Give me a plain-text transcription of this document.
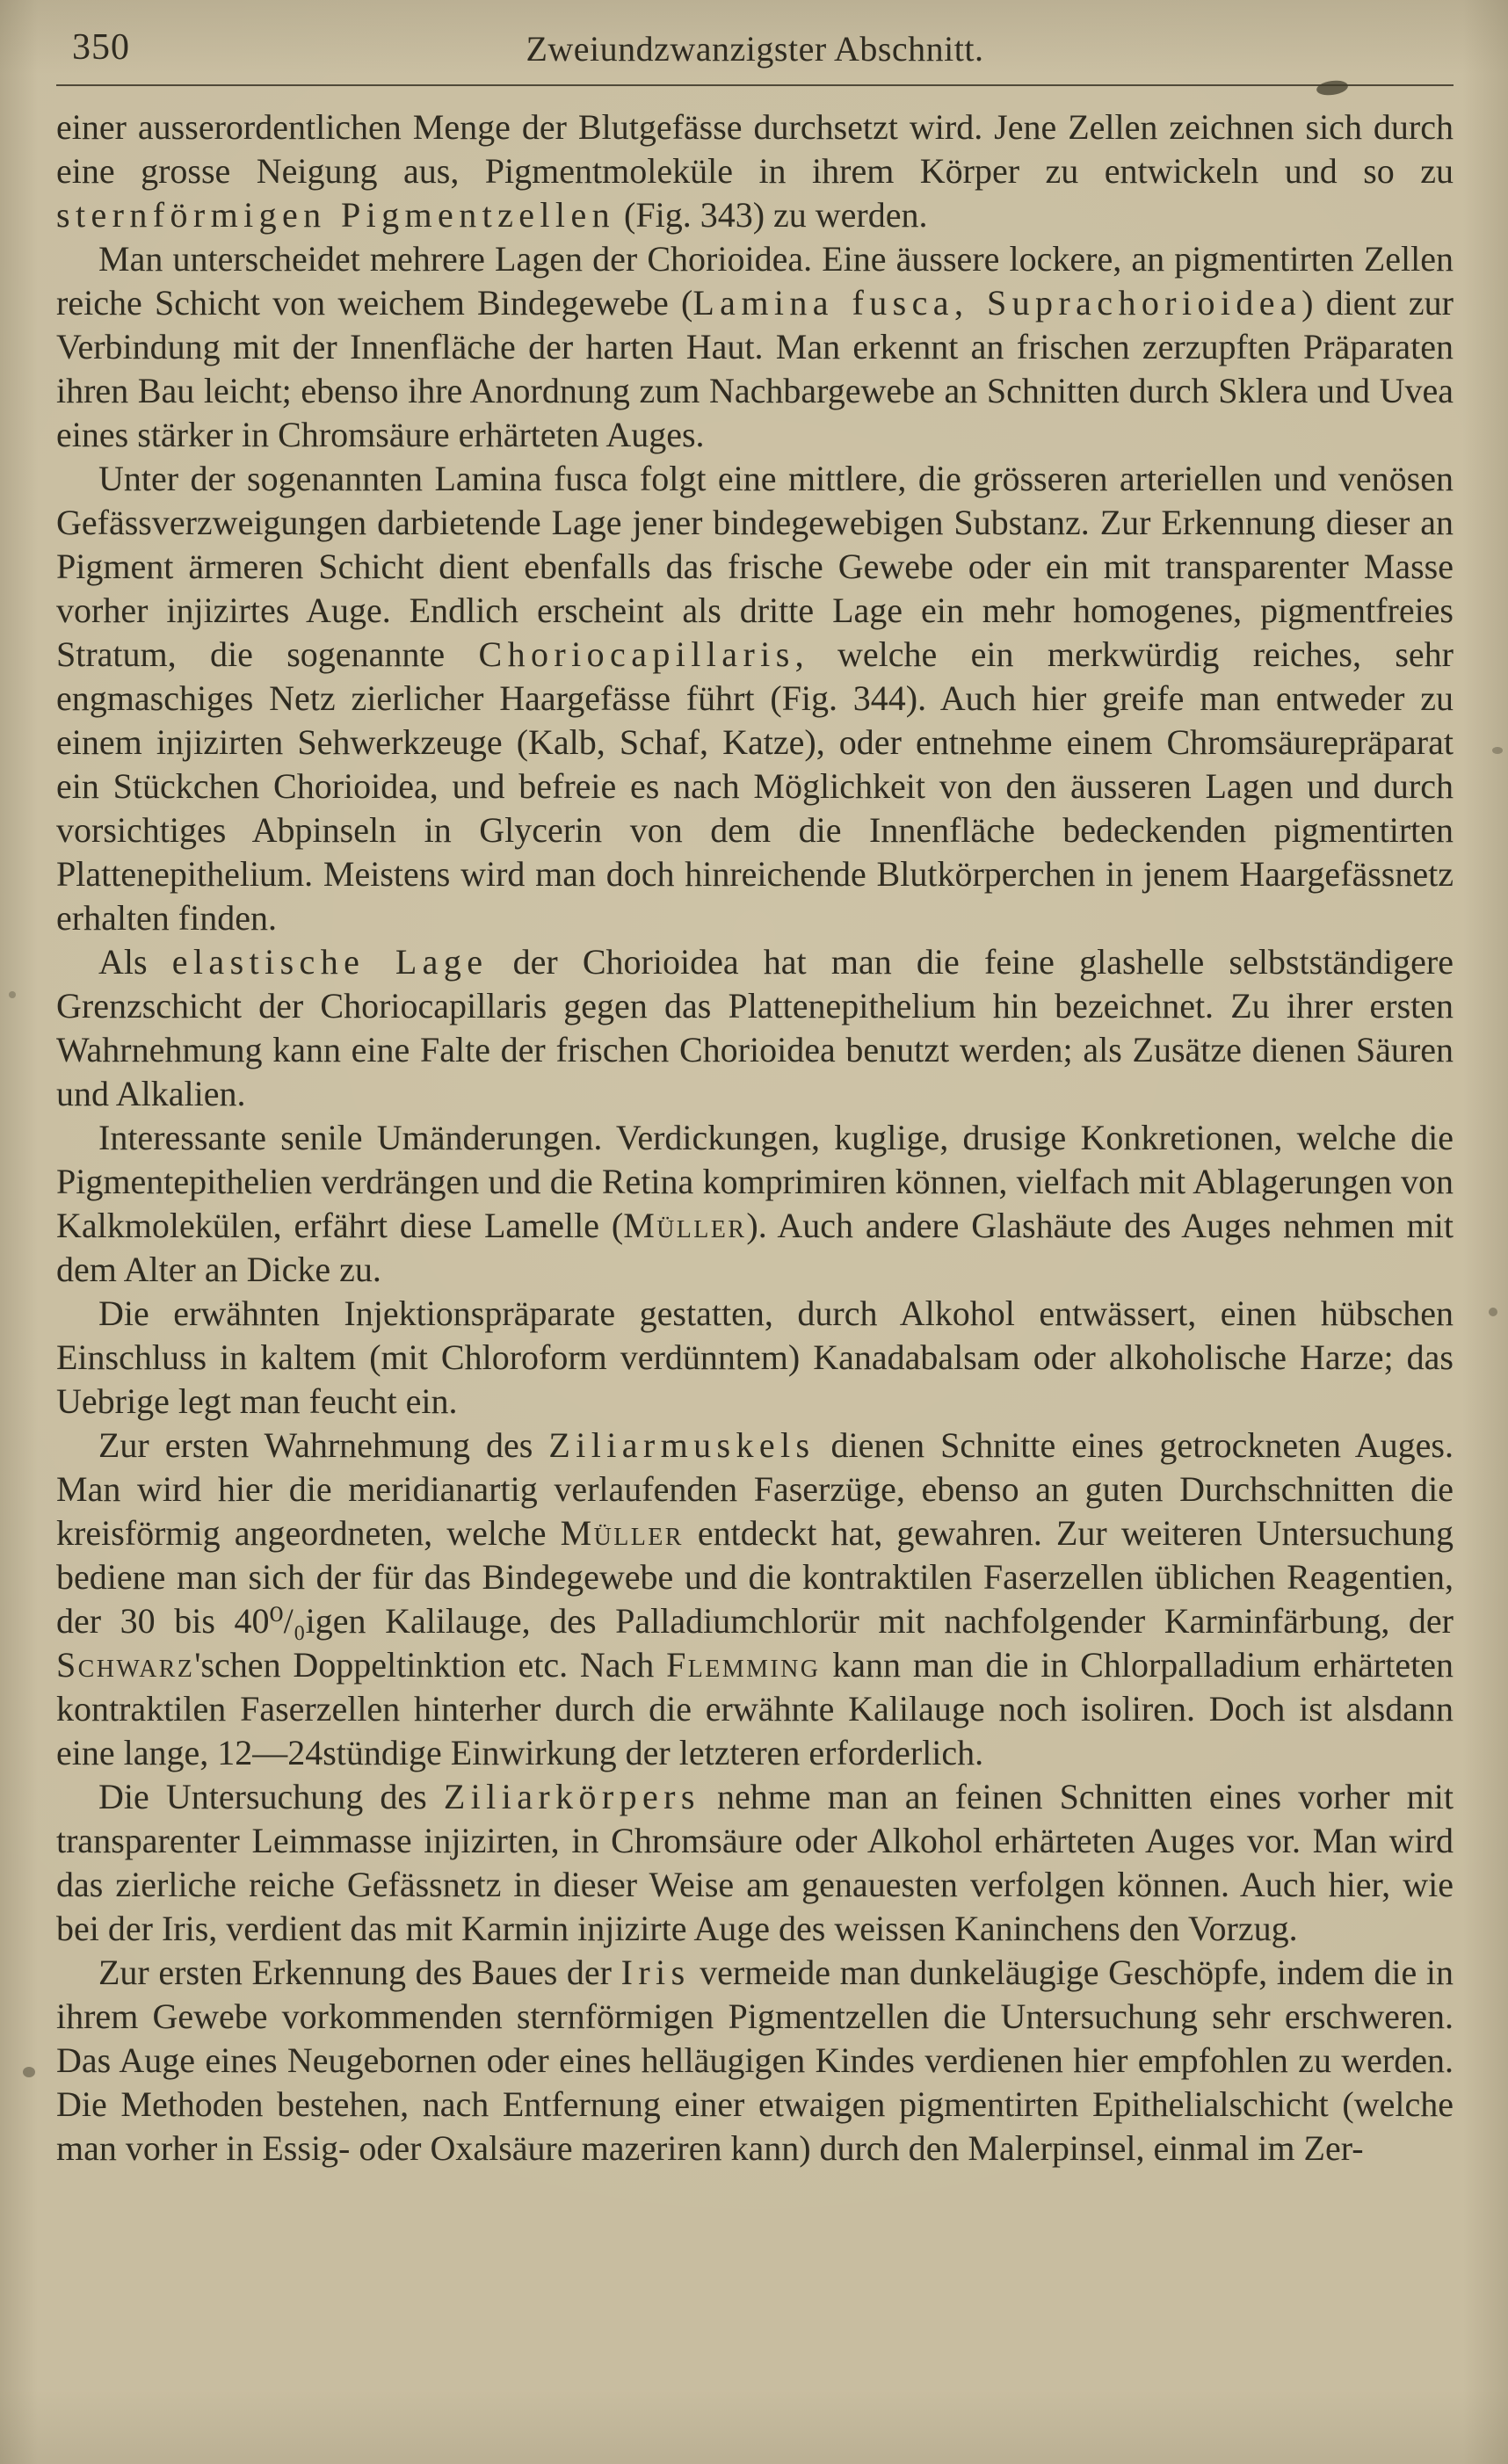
350	Zweiundzwanzigster Abschnitt.

einer ausserordentlichen Menge der Blutgefässe durchsetzt wird. Jene Zellen zeichnen sich durch eine grosse Neigung aus, Pigmentmoleküle in ihrem Körper zu entwickeln und so zu sternförmigen Pigmentzellen (Fig. 343) zu werden.

Man unterscheidet mehrere Lagen der Chorioidea. Eine äussere lockere, an pigmentirten Zellen reiche Schicht von weichem Bindegewebe (Lamina fusca, Suprachorioidea) dient zur Verbindung mit der Innenfläche der harten Haut. Man erkennt an frischen zerzupften Präparaten ihren Bau leicht; ebenso ihre Anordnung zum Nachbargewebe an Schnitten durch Sklera und Uvea eines stärker in Chromsäure erhärteten Auges.

Unter der sogenannten Lamina fusca folgt eine mittlere, die grösseren arteriellen und venösen Gefässverzweigungen darbietende Lage jener bindegewebigen Substanz. Zur Erkennung dieser an Pigment ärmeren Schicht dient ebenfalls das frische Gewebe oder ein mit transparenter Masse vorher injizirtes Auge. Endlich erscheint als dritte Lage ein mehr homogenes, pigmentfreies Stratum, die sogenannte Choriocapillaris, welche ein merkwürdig reiches, sehr engmaschiges Netz zierlicher Haargefässe führt (Fig. 344). Auch hier greife man entweder zu einem injizirten Sehwerkzeuge (Kalb, Schaf, Katze), oder entnehme einem Chromsäurepräparat ein Stückchen Chorioidea, und befreie es nach Möglichkeit von den äusseren Lagen und durch vorsichtiges Abpinseln in Glycerin von dem die Innenfläche bedeckenden pigmentirten Plattenepithelium. Meistens wird man doch hinreichende Blutkörperchen in jenem Haargefässnetz erhalten finden.

Als elastische Lage der Chorioidea hat man die feine glashelle selbstständigere Grenzschicht der Choriocapillaris gegen das Plattenepithelium hin bezeichnet. Zu ihrer ersten Wahrnehmung kann eine Falte der frischen Chorioidea benutzt werden; als Zusätze dienen Säuren und Alkalien.

Interessante senile Umänderungen. Verdickungen, kuglige, drusige Konkretionen, welche die Pigmentepithelien verdrängen und die Retina komprimiren können, vielfach mit Ablagerungen von Kalkmolekülen, erfährt diese Lamelle (Müller). Auch andere Glashäute des Auges nehmen mit dem Alter an Dicke zu.

Die erwähnten Injektionspräparate gestatten, durch Alkohol entwässert, einen hübschen Einschluss in kaltem (mit Chloroform verdünntem) Kanadabalsam oder alkoholische Harze; das Uebrige legt man feucht ein.

Zur ersten Wahrnehmung des Ziliarmuskels dienen Schnitte eines getrockneten Auges. Man wird hier die meridianartig verlaufenden Faserzüge, ebenso an guten Durchschnitten die kreisförmig angeordneten, welche Müller entdeckt hat, gewahren. Zur weiteren Untersuchung bediene man sich der für das Bindegewebe und die kontraktilen Faserzellen üblichen Reagentien, der 30 bis 40⁰/₀igen Kalilauge, des Palladiumchlorür mit nachfolgender Karminfärbung, der Schwarz'schen Doppeltinktion etc. Nach Flemming kann man die in Chlorpalladium erhärteten kontraktilen Faserzellen hinterher durch die erwähnte Kalilauge noch isoliren. Doch ist alsdann eine lange, 12—24stündige Einwirkung der letzteren erforderlich.

Die Untersuchung des Ziliarkörpers nehme man an feinen Schnitten eines vorher mit transparenter Leimmasse injizirten, in Chromsäure oder Alkohol erhärteten Auges vor. Man wird das zierliche reiche Gefässnetz in dieser Weise am genauesten verfolgen können. Auch hier, wie bei der Iris, verdient das mit Karmin injizirte Auge des weissen Kaninchens den Vorzug.

Zur ersten Erkennung des Baues der Iris vermeide man dunkeläugige Geschöpfe, indem die in ihrem Gewebe vorkommenden sternförmigen Pigmentzellen die Untersuchung sehr erschweren. Das Auge eines Neugebornen oder eines helläugigen Kindes verdienen hier empfohlen zu werden. Die Methoden bestehen, nach Entfernung einer etwaigen pigmentirten Epithelialschicht (welche man vorher in Essig- oder Oxalsäure mazeriren kann) durch den Malerpinsel, einmal im Zer-
